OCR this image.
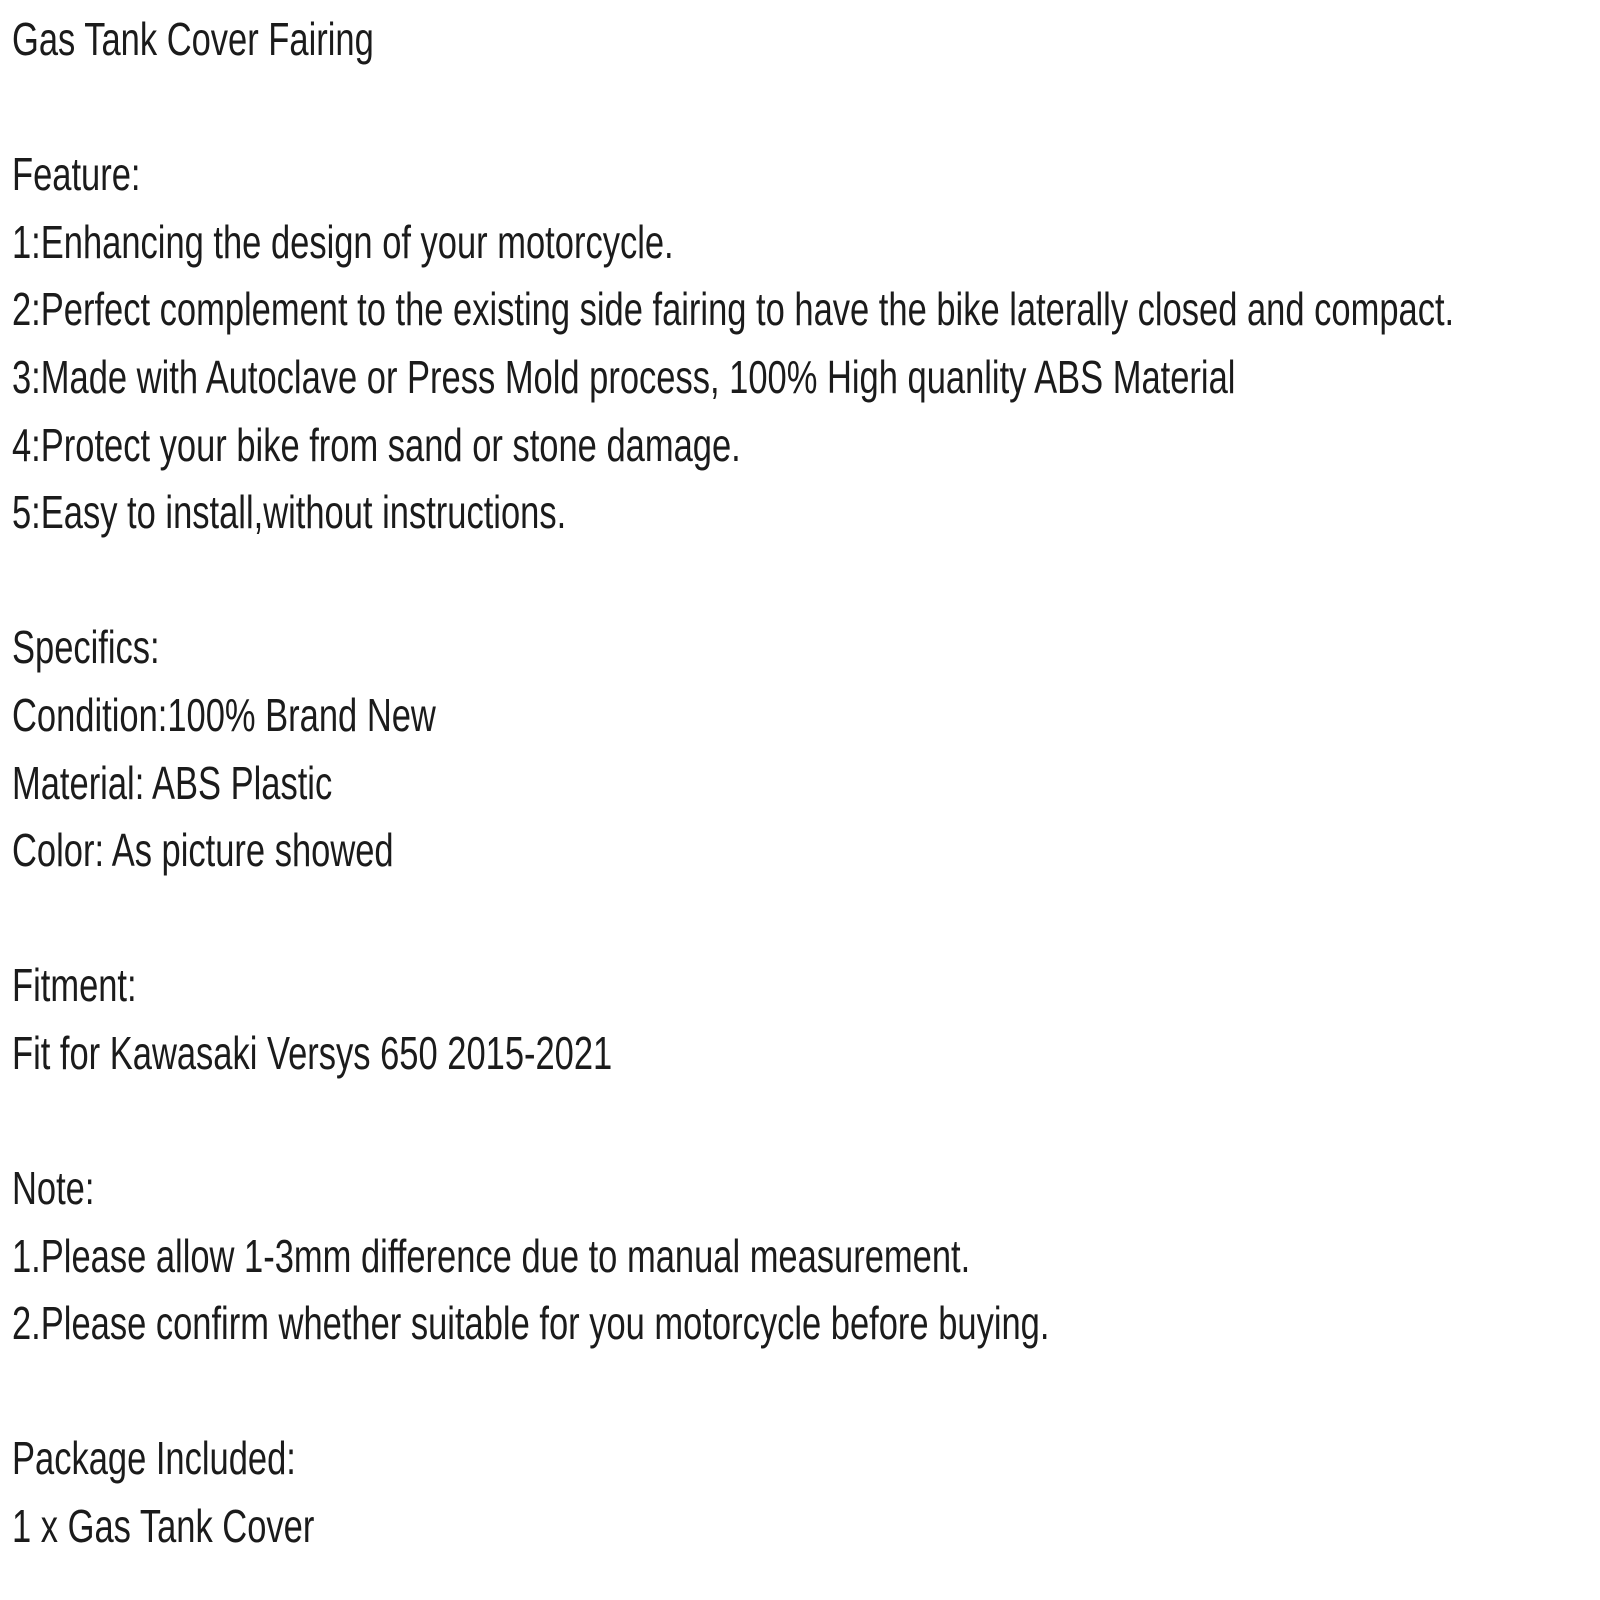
Gas Tank Cover Fairing
Feature:
1:Enhancing the design of your motorcycle.
2:Perfect complement to the existing side fairing to have the bike laterally closed and compact.
3:Made with Autoclave or Press Mold process, 100% High quanlity ABS Material
4:Protect your bike from sand or stone damage.
5:Easy to install,without instructions.
Specifics:
Condition:100% Brand New
Material: ABS Plastic
Color: As picture showed
Fitment:
Fit for Kawasaki Versys 650 2015-2021
Note:
1.Please allow 1-3mm difference due to manual measurement.
2.Please confirm whether suitable for you motorcycle before buying.
Package Included:
1 x Gas Tank Cover
